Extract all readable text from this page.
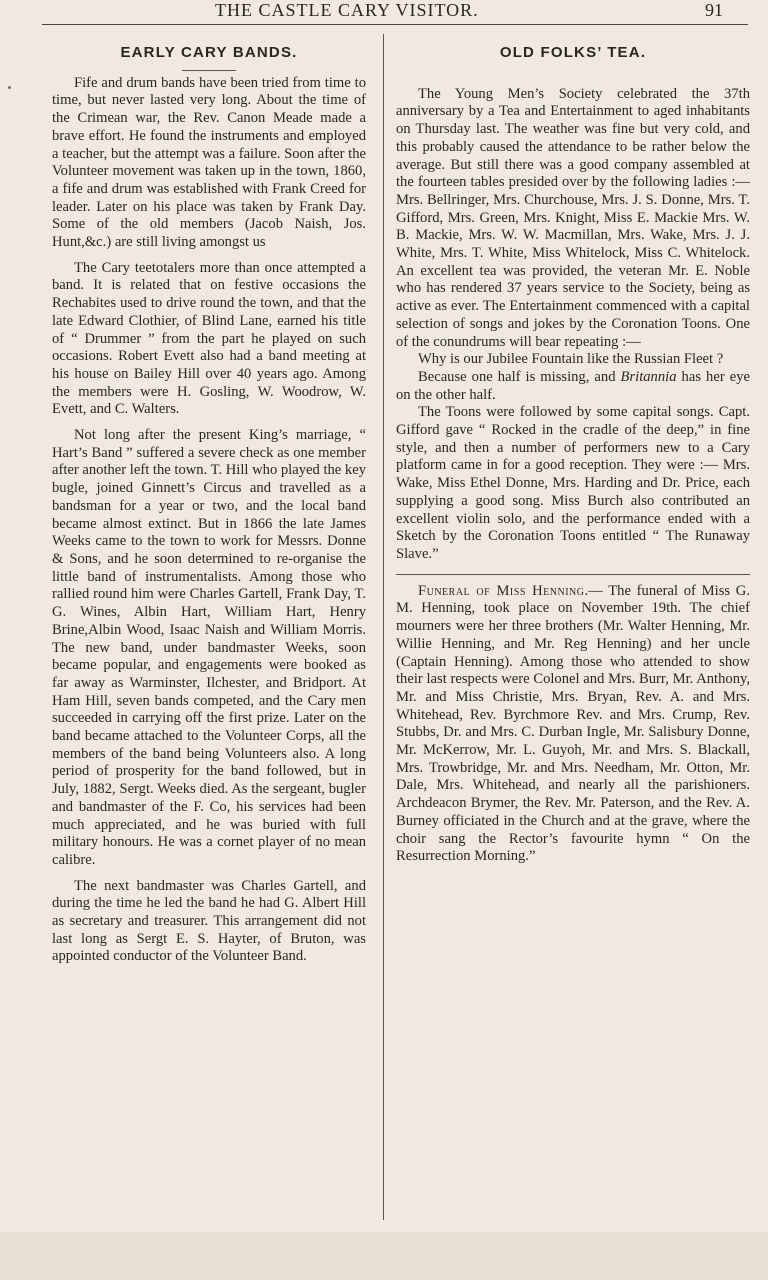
THE CASTLE CARY VISITOR.	91
EARLY CARY BANDS.

Fife and drum bands have been tried from time to time, but never lasted very long. About the time of the Crimean war, the Rev. Canon Meade made a brave effort. He found the instruments and employed a teacher, but the attempt was a failure. Soon after the Volunteer movement was taken up in the town, 1860, a fife and drum was established with Frank Creed for leader. Later on his place was taken by Frank Day. Some of the old members (Jacob Naish, Jos. Hunt,&c.) are still living amongst us

The Cary teetotalers more than once attempted a band. It is related that on festive occasions the Rechabites used to drive round the town, and that the late Edward Clothier, of Blind Lane, earned his title of “ Drummer ” from the part he played on such occasions. Robert Evett also had a band meeting at his house on Bailey Hill over 40 years ago. Among the members were H. Gosling, W. Woodrow, W. Evett, and C. Walters.

Not long after the present King’s marriage, “ Hart’s Band ” suffered a severe check as one member after another left the town. T. Hill who played the key bugle, joined Ginnett’s Circus and travelled as a bandsman for a year or two, and the local band became almost extinct. But in 1866 the late James Weeks came to the town to work for Messrs. Donne & Sons, and he soon determined to re-organise the little band of instrumentalists. Among those who rallied round him were Charles Gartell, Frank Day, T. G. Wines, Albin Hart, William Hart, Henry Brine,Albin Wood, Isaac Naish and William Morris. The new band, under bandmaster Weeks, soon became popular, and engagements were booked as far away as Warminster, Ilchester, and Bridport. At Ham Hill, seven bands competed, and the Cary men succeeded in carrying off the first prize. Later on the band became attached to the Volunteer Corps, all the members of the band being Volunteers also. A long period of prosperity for the band followed, but in July, 1882, Sergt. Weeks died. As the sergeant, bugler and bandmaster of the F. Co, his services had been much appreciated, and he was buried with full military honours. He was a cornet player of no mean calibre.

The next bandmaster was Charles Gartell, and during the time he led the band he had G. Albert Hill as secretary and treasurer. This arrangement did not last long as Sergt E. S. Hayter, of Bruton, was appointed conductor of the Volunteer Band.

OLD FOLKS’ TEA.

The Young Men’s Society celebrated the 37th anniversary by a Tea and Entertainment to aged inhabitants on Thursday last. The weather was fine but very cold, and this probably caused the attendance to be rather below the average. But still there was a good company assembled at the fourteen tables presided over by the following ladies :—Mrs. Bellringer, Mrs. Churchouse, Mrs. J. S. Donne, Mrs. T. Gifford, Mrs. Green, Mrs. Knight, Miss E. Mackie Mrs. W. B. Mackie, Mrs. W. W. Macmillan, Mrs. Wake, Mrs. J. J. White, Mrs. T. White, Miss Whitelock, Miss C. Whitelock. An excellent tea was provided, the veteran Mr. E. Noble who has rendered 37 years service to the Society, being as active as ever. The Entertainment commenced with a capital selection of songs and jokes by the Coronation Toons. One of the conundrums will bear repeating :—

Why is our Jubilee Fountain like the Russian Fleet ?

Because one half is missing, and Britannia has her eye on the other half.

The Toons were followed by some capital songs. Capt. Gifford gave “ Rocked in the cradle of the deep,” in fine style, and then a number of performers new to a Cary platform came in for a good reception. They were :— Mrs. Wake, Miss Ethel Donne, Mrs. Harding and Dr. Price, each supplying a good song. Miss Burch also contributed an excellent violin solo, and the performance ended with a Sketch by the Coronation Toons entitled “ The Runaway Slave.”

Funeral of Miss Henning.— The funeral of Miss G. M. Henning, took place on November 19th. The chief mourners were her three brothers (Mr. Walter Henning, Mr. Willie Henning, and Mr. Reg Henning) and her uncle (Captain Henning). Among those who attended to show their last respects were Colonel and Mrs. Burr, Mr. Anthony, Mr. and Miss Christie, Mrs. Bryan, Rev. A. and Mrs. Whitehead, Rev. Byrchmore Rev. and Mrs. Crump, Rev. Stubbs, Dr. and Mrs. C. Durban Ingle, Mr. Salisbury Donne, Mr. McKerrow, Mr. L. Guyoh, Mr. and Mrs. S. Blackall, Mrs. Trowbridge, Mr. and Mrs. Needham, Mr. Otton, Mr. Dale, Mrs. Whitehead, and nearly all the parishioners. Archdeacon Brymer, the Rev. Mr. Paterson, and the Rev. A. Burney officiated in the Church and at the grave, where the choir sang the Rector’s favourite hymn “ On the Resurrection Morning.”
